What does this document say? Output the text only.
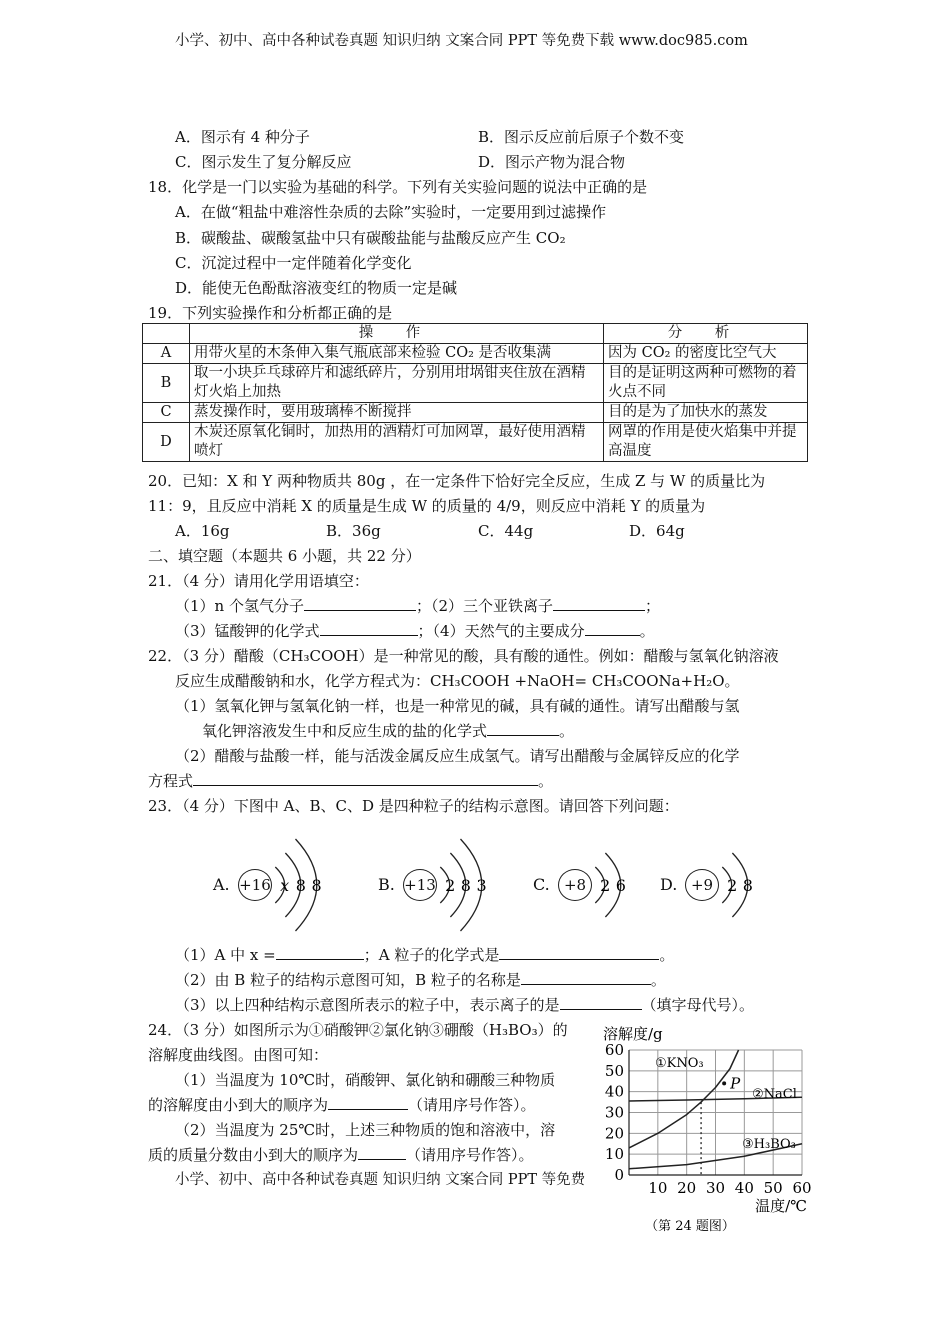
小学、初中、高中各种试卷真题 知识归纳 文案合同 PPT 等免费下载 www.doc985.com
A．图示有 4 种分子	B．图示反应前后原子个数不变
C．图示发生了复分解反应	D．图示产物为混合物
18．化学是一门以实验为基础的科学。下列有关实验问题的说法中正确的是
A．在做“粗盐中难溶性杂质的去除”实验时，一定要用到过滤操作
B．碳酸盐、碳酸氢盐中只有碳酸盐能与盐酸反应产生 CO₂
C．沉淀过程中一定伴随着化学变化
D．能使无色酚酞溶液变红的物质一定是碱
19．下列实验操作和分析都正确的是
	操 作	分 析
A	用带火星的木条伸入集气瓶底部来检验 CO₂ 是否收集满	因为 CO₂ 的密度比空气大
B	取一小块乒乓球碎片和滤纸碎片，分别用坩埚钳夹住放在酒精灯火焰上加热	目的是证明这两种可燃物的着火点不同
C	蒸发操作时，要用玻璃棒不断搅拌	目的是为了加快水的蒸发
D	木炭还原氧化铜时，加热用的酒精灯可加网罩，最好使用酒精喷灯	网罩的作用是使火焰集中并提高温度
20．已知：X 和 Y 两种物质共 80g ，在一定条件下恰好完全反应，生成 Z 与 W 的质量比为
11：9，且反应中消耗 X 的质量是生成 W 的质量的 4/9，则反应中消耗 Y 的质量为
A．16g	B．36g	C．44g	D．64g
二、填空题（本题共 6 小题，共 22 分）
21．（4 分）请用化学用语填空：
（1）n 个氢气分子	；（2）三个亚铁离子	；
（3）锰酸钾的化学式	；（4）天然气的主要成分	。
22．（3 分）醋酸（CH₃COOH）是一种常见的酸，具有酸的通性。例如：醋酸与氢氧化钠溶液
反应生成醋酸钠和水，化学方程式为：CH₃COOH +NaOH= CH₃COONa+H₂O。
（1）氢氧化钾与氢氧化钠一样，也是一种常见的碱，具有碱的通性。请写出醋酸与氢
氧化钾溶液发生中和反应生成的盐的化学式	。
（2）醋酸与盐酸一样，能与活泼金属反应生成氢气。请写出醋酸与金属锌反应的化学
方程式	。
23．（4 分）下图中 A、B、C、D 是四种粒子的结构示意图。请回答下列问题：
A. +16 x 8 8	B. +13 2 8 3	C. +8 2 6 D. +9 2 8
（1）A 中 x =	；A 粒子的化学式是	。
（2）由 B 粒子的结构示意图可知，B 粒子的名称是	。
（3）以上四种结构示意图所表示的粒子中，表示离子的是	（填字母代号）。
24．（3 分）如图所示为①硝酸钾②氯化钠③硼酸（H₃BO₃）的
溶解度曲线图。由图可知：
（1）当温度为 10℃时，硝酸钾、氯化钠和硼酸三种物质
的溶解度由小到大的顺序为	（请用序号作答）。
（2）当温度为 25℃时，上述三种物质的饱和溶液中，溶
质的质量分数由小到大的顺序为	（请用序号作答）。
小学、初中、高中各种试卷真题 知识归纳 文案合同 PPT 等免费	0
10
20
30
40
50
60
10 20 30 40 50 60
溶解度/g
温度/℃
（第 24 题图）
①KNO₃
②NaCl
③H₃BO₃
P
